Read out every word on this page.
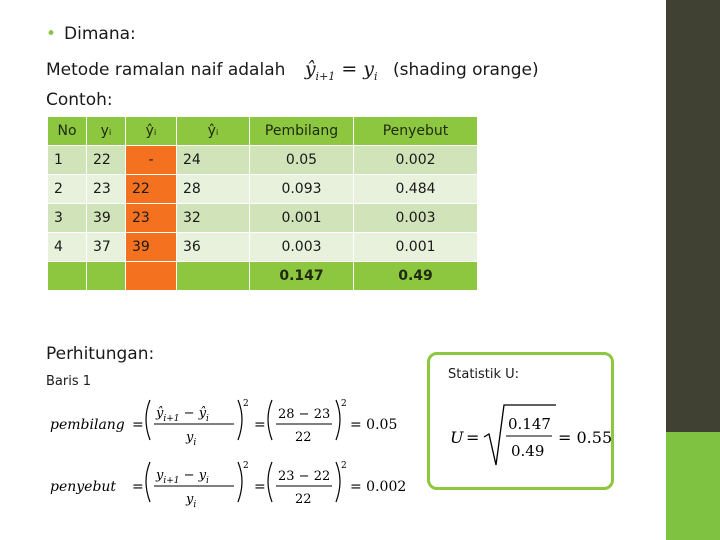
• Dimana:
Metode ramalan naif adalah $ŷ_{i+1} = y_i$ (shading orange)
Contoh:
No	yᵢ	ŷᵢ	ŷᵢ	Pembilang	Penyebut
1	22	-	24	0.05	0.002
2	23	22	28	0.093	0.484
3	39	23	32	0.001	0.003
4	37	39	36	0.003	0.001
				0.147	0.49
Perhitungan:
Baris 1
pembilang =
$ŷ_{i+1}$ − $ŷ_i$
$y_i$
2
=
28 − 23
22
2
= 0.05
penyebut =
$y_{i+1} - y_i$
$y_i$
2
=
23 − 22
22
2
= 0.002
Statistik U:
U =
0.147
0.49
= 0.55
